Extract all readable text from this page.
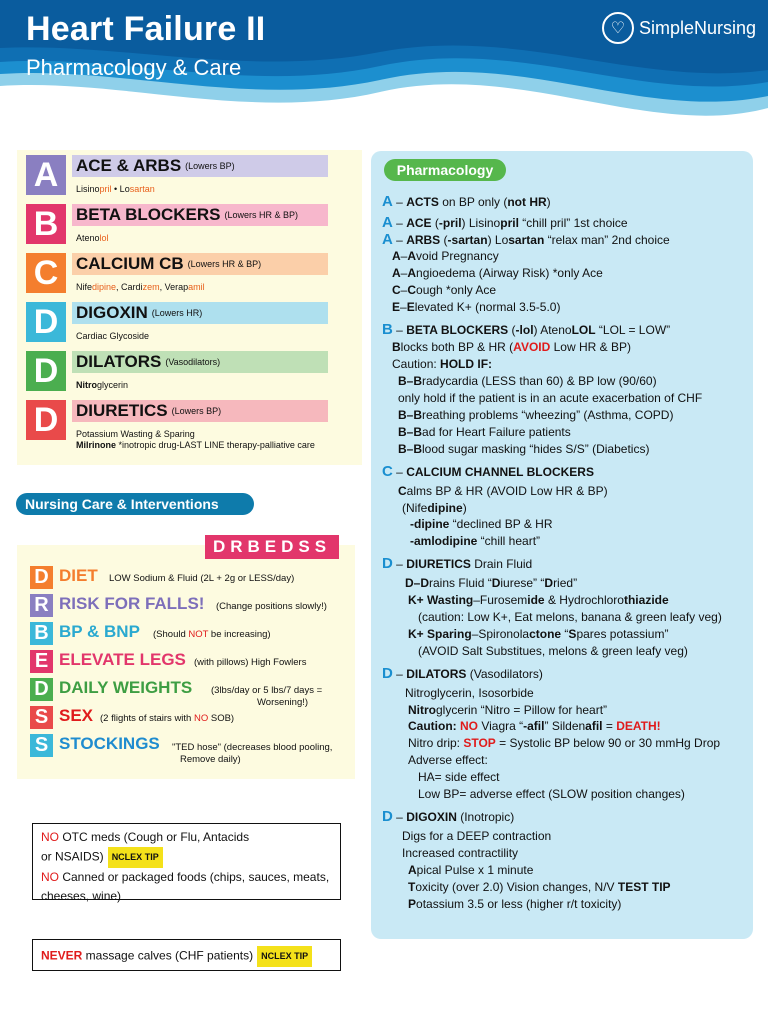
Heart Failure II
Pharmacology & Care
♡ SimpleNursing
A	ACE & ARBS (Lowers BP)
Lisinopril • Losartan
B	BETA BLOCKERS (Lowers HR & BP)
Atenolol
C	CALCIUM CB (Lowers HR & BP)
Nifedipine, Cardizem, Verapamil
D	DIGOXIN (Lowers HR)
Cardiac Glycoside
D	DILATORS (Vasodilators)
Nitroglycerin
D	DIURETICS (Lowers BP)
Potassium Wasting & Sparing
Milrinone *inotropic drug-LAST LINE therapy-palliative care
Nursing Care & Interventions
D DIET LOW Sodium & Fluid (2L + 2g or LESS/day)
R RISK FOR FALLS! (Change positions slowly!)
B BP & BNP (Should NOT be increasing)
E ELEVATE LEGS (with pillows) High Fowlers
D DAILY WEIGHTS (3lbs/day or 5 lbs/7 days =
Worsening!)
S SEX (2 flights of stairs with NO SOB)
S STOCKINGS "TED hose" (decreases blood pooling,
Remove daily)
DRBEDSS
NO OTC meds (Cough or Flu, Antacids
or NSAIDS) NCLEX TIP
NO Canned or packaged foods (chips, sauces, meats,
cheeses, wine)
NEVER massage calves (CHF patients) NCLEX TIP
Pharmacology
A – ACTS on BP only (not HR)
A – ACE (-pril) Lisinopril “chill pril” 1st choice
A – ARBS (-sartan) Losartan “relax man” 2nd choice
A–Avoid Pregnancy
A–Angioedema (Airway Risk) *only Ace
C–Cough *only Ace
E–Elevated K+ (normal 3.5-5.0)
B – BETA BLOCKERS (-lol) AtenoLOL “LOL = LOW”
Blocks both BP & HR (AVOID Low HR & BP)
Caution: HOLD IF:
B–Bradycardia (LESS than 60) & BP low (90/60)
only hold if the patient is in an acute exacerbation of CHF
B–Breathing problems “wheezing” (Asthma, COPD)
B–Bad for Heart Failure patients
B–Blood sugar masking “hides S/S” (Diabetics)
C – CALCIUM CHANNEL BLOCKERS
Calms BP & HR (AVOID Low HR & BP)
(Nifedipine)
-dipine “declined BP & HR
-amlodipine “chill heart”
D – DIURETICS Drain Fluid
D–Drains Fluid “Diurese” “Dried”
K+ Wasting–Furosemide & Hydrochlorothiazide
(caution: Low K+, Eat melons, banana & green leafy veg)
K+ Sparing–Spironolactone “Spares potassium”
(AVOID Salt Substitues, melons & green leafy veg)
D – DILATORS (Vasodilators)
Nitroglycerin, Isosorbide
Nitroglycerin “Nitro = Pillow for heart”
Caution: NO Viagra “-afil” Sildenafil = DEATH!
Nitro drip: STOP = Systolic BP below 90 or 30 mmHg Drop
Adverse effect:
HA= side effect
Low BP= adverse effect (SLOW position changes)
D – DIGOXIN (Inotropic)
Digs for a DEEP contraction
Increased contractility
Apical Pulse x 1 minute
Toxicity (over 2.0) Vision changes, N/V TEST TIP
Potassium 3.5 or less (higher r/t toxicity)
